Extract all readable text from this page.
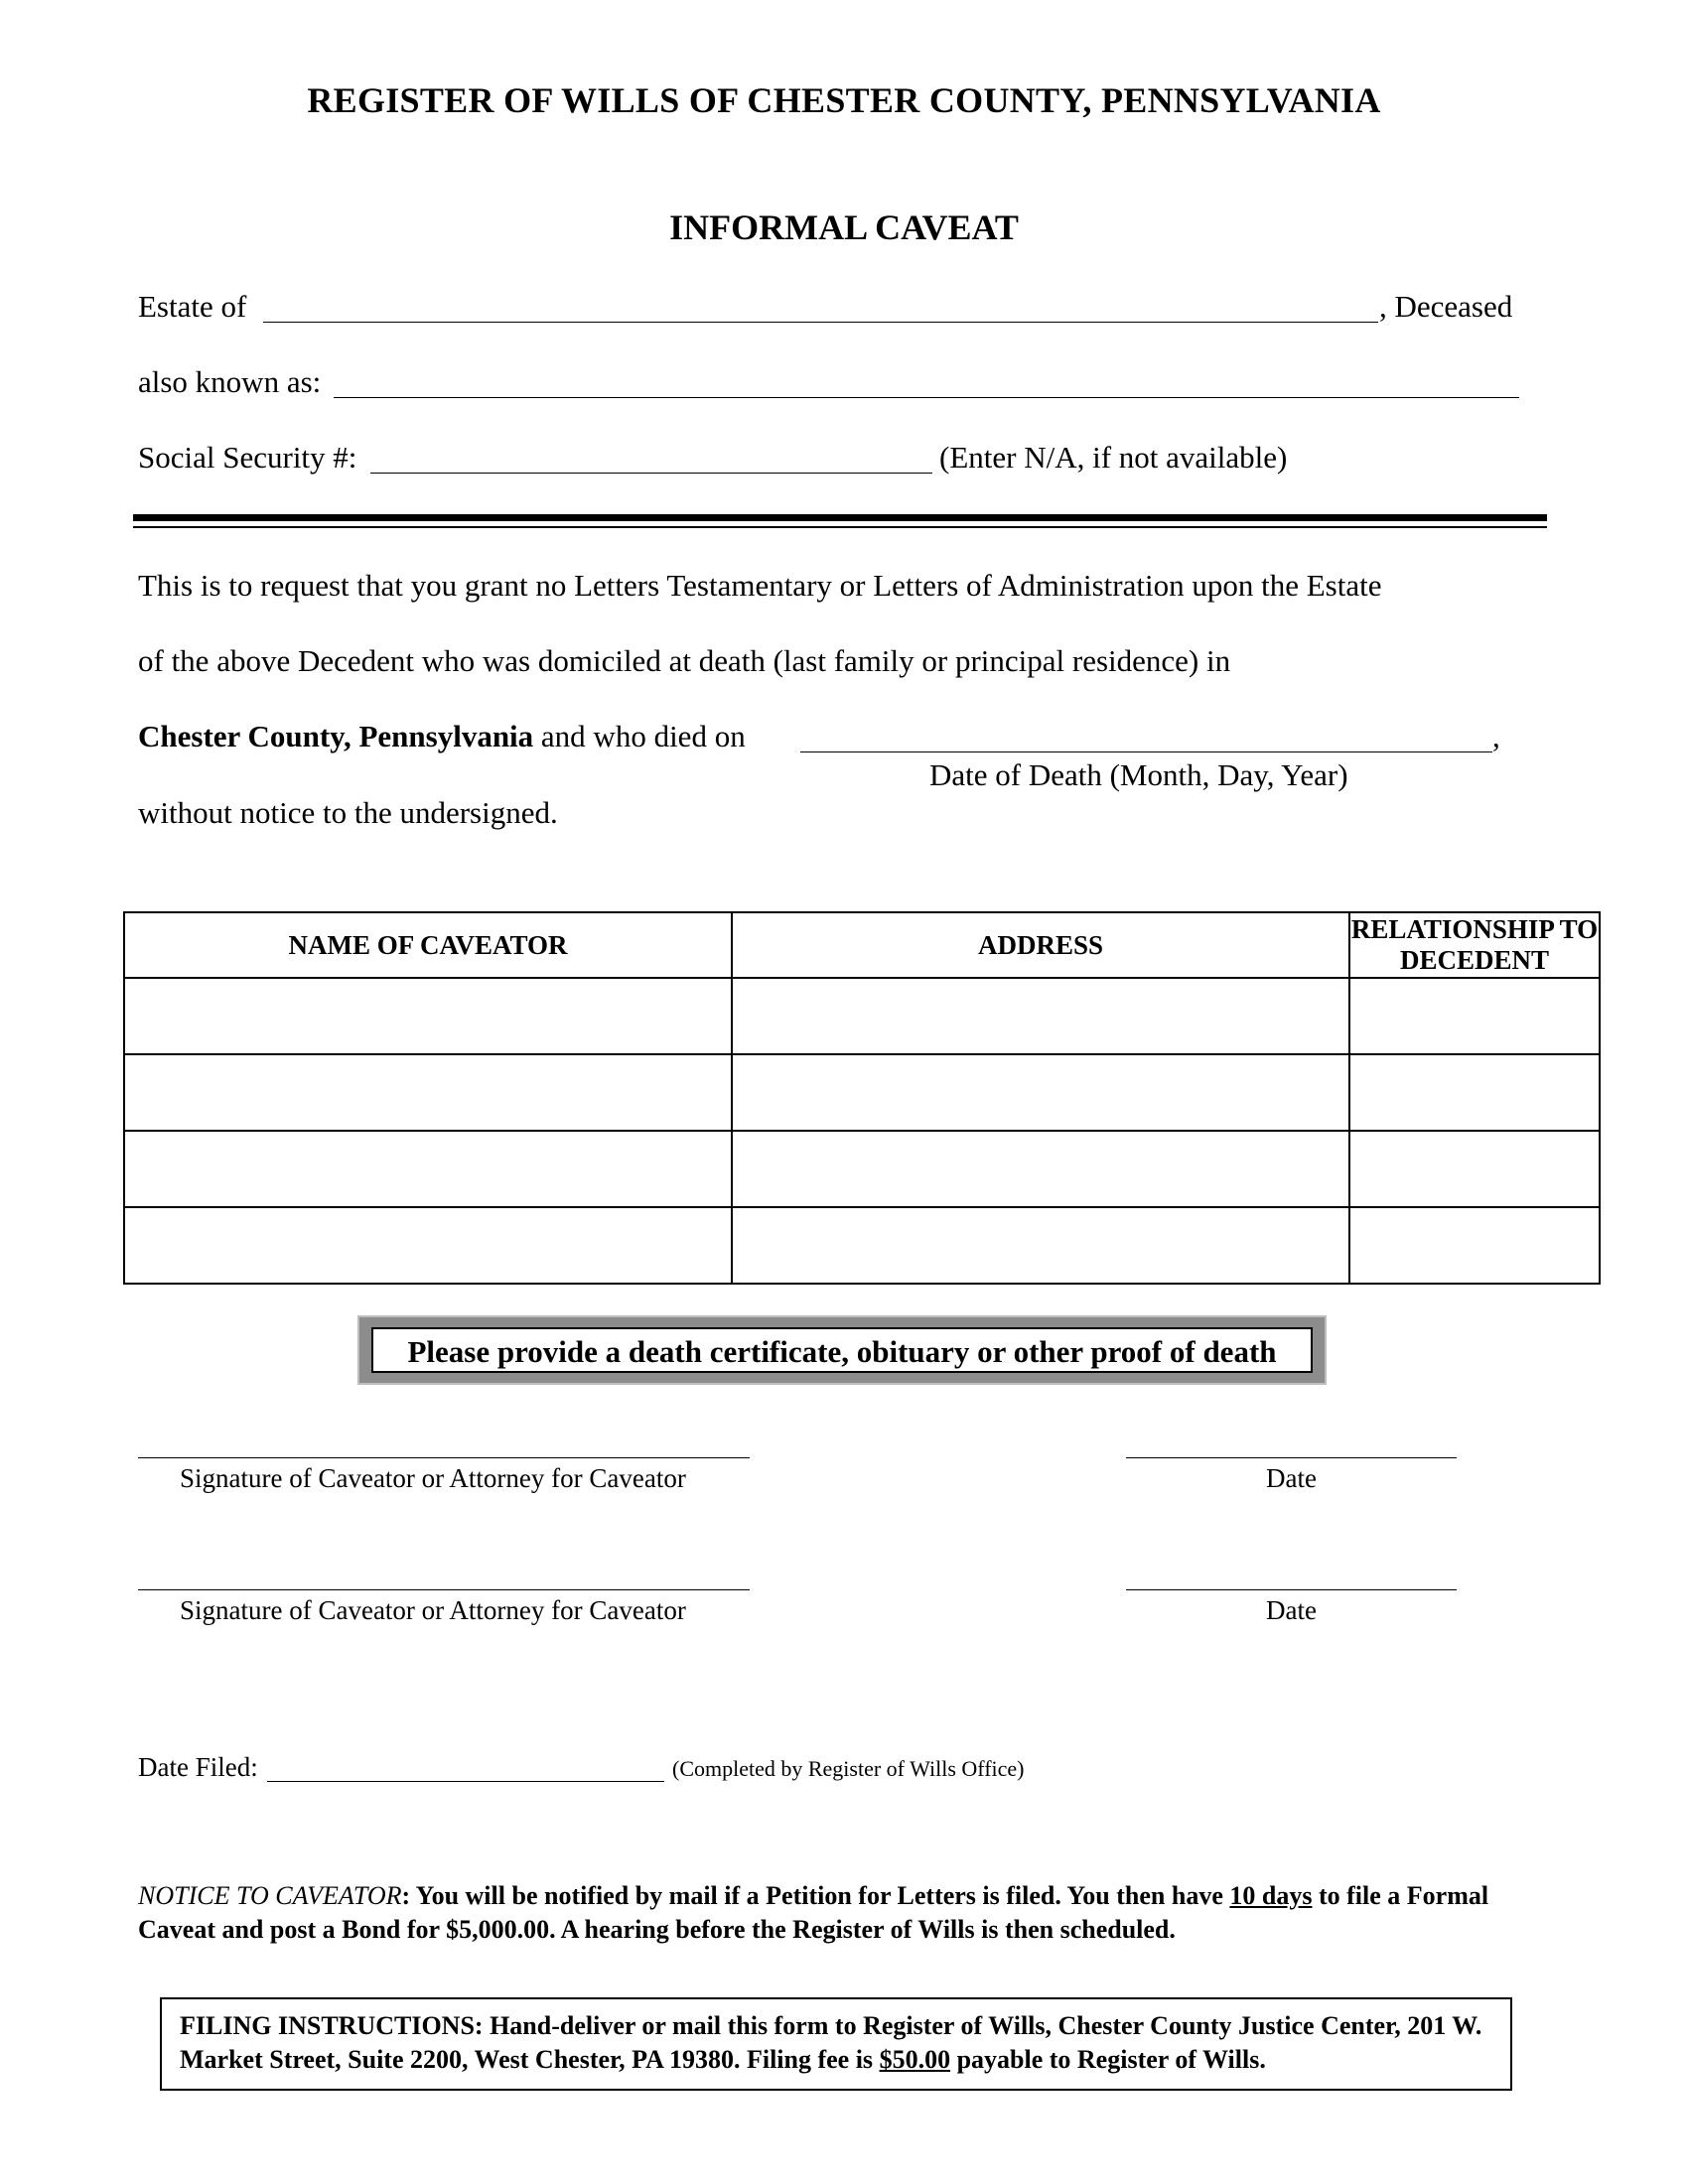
REGISTER OF WILLS OF CHESTER COUNTY, PENNSYLVANIA
INFORMAL CAVEAT
Estate of	, Deceased
also known as:
Social Security #:	(Enter N/A, if not available)
This is to request that you grant no Letters Testamentary or Letters of Administration upon the Estate
of the above Decedent who was domiciled at death (last family or principal residence) in
Chester County, Pennsylvania and who died on	,
Date of Death (Month, Day, Year)
without notice to the undersigned.
NAME OF CAVEATOR	ADDRESS	RELATIONSHIP TO DECEDENT

Please provide a death certificate, obituary or other proof of death
Signature of Caveator or Attorney for Caveator	Date
Signature of Caveator or Attorney for Caveator	Date
Date Filed:	(Completed by Register of Wills Office)
NOTICE TO CAVEATOR: You will be notified by mail if a Petition for Letters is filed. You then have 10 days to file a Formal Caveat and post a Bond for $5,000.00. A hearing before the Register of Wills is then scheduled.
FILING INSTRUCTIONS: Hand-deliver or mail this form to Register of Wills, Chester County Justice Center, 201 W. Market Street, Suite 2200, West Chester, PA 19380. Filing fee is $50.00 payable to Register of Wills.
